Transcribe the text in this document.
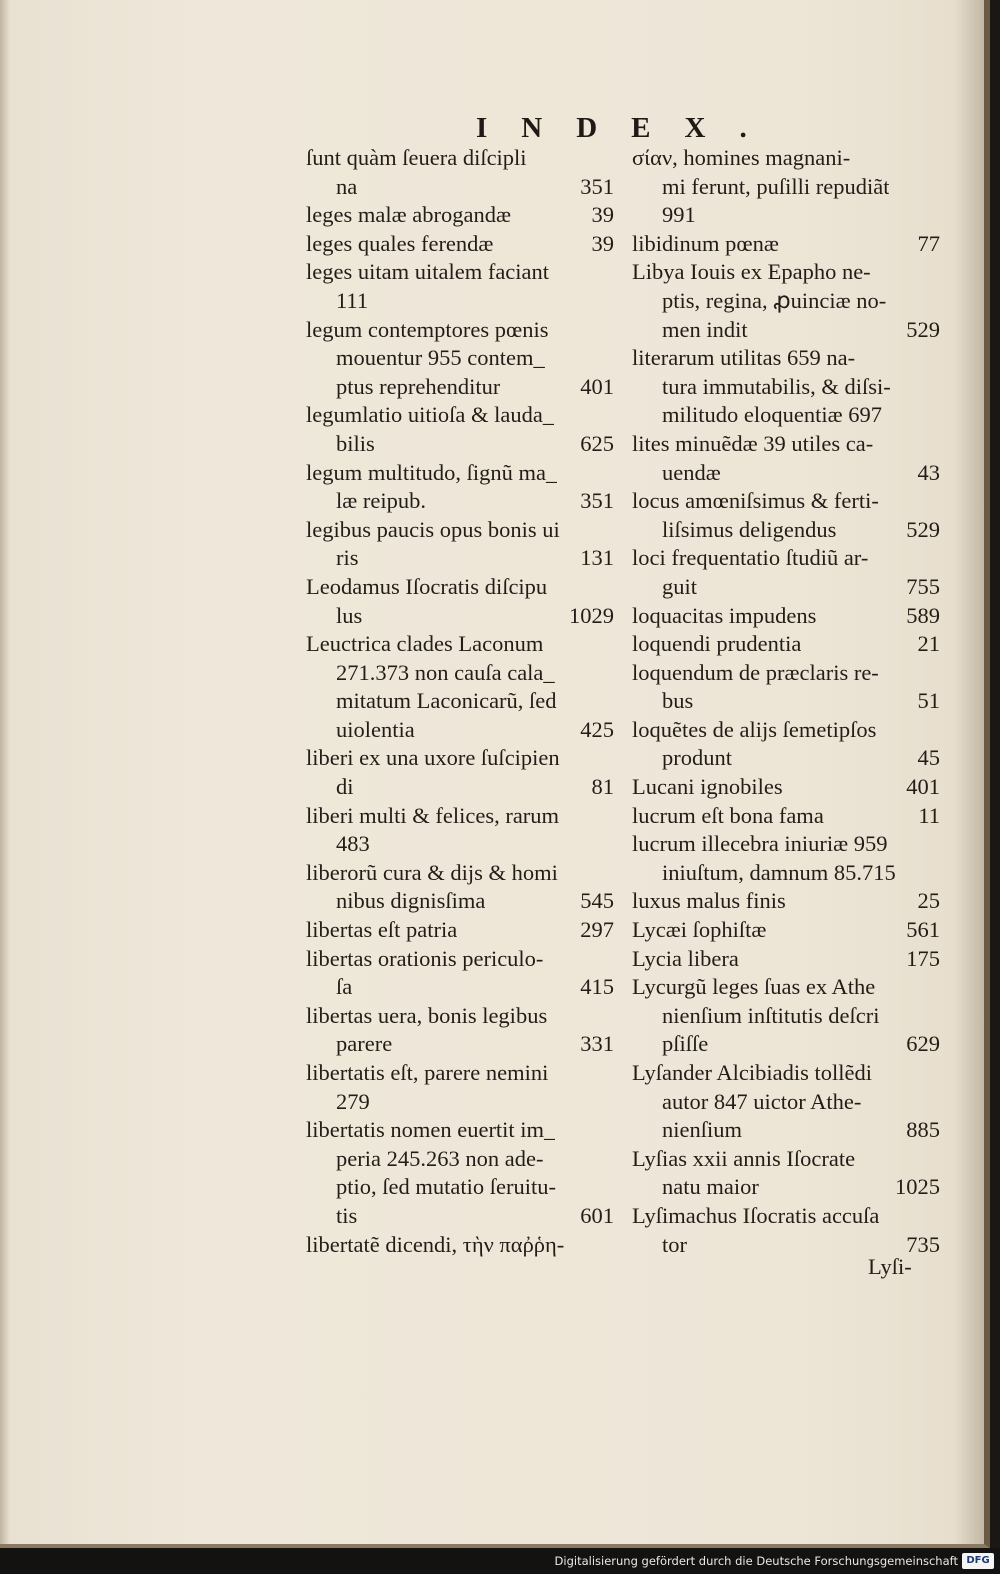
INDEX.
ſunt quàm ſeuera diſcipli
na	351
leges malæ abrogandæ	39
leges quales ferendæ	39
leges uitam uitalem faciant
111
legum contemptores pœnis
mouentur 955 contem_
ptus reprehenditur	401
legumlatio uitioſa & lauda_
bilis	625
legum multitudo, ſignũ ma_
læ reipub.	351
legibus paucis opus bonis ui
ris	131
Leodamus Iſocratis diſcipu
lus	1029
Leuctrica clades Laconum
271.373 non cauſa cala_
mitatum Laconicarũ, ſed
uiolentia	425
liberi ex una uxore ſuſcipien
di	81
liberi multi & felices, rarum
483
liberorũ cura & dijs & homi
nibus dignisſima	545
libertas eſt patria	297
libertas orationis periculo-
ſa	415
libertas uera, bonis legibus
parere	331
libertatis eſt, parere nemini
279
libertatis nomen euertit im_
peria 245.263 non ade-
ptio, ſed mutatio ſeruitu-
tis	601
libertatẽ dicendi, τὴν παῤῥη-
σίαν, homines magnani-
mi ferunt, puſilli repudiãt
991
libidinum pœnæ	77
Libya Iouis ex Epapho ne-
ptis, regina, ꝓuinciæ no-
men indit	529
literarum utilitas 659 na-
tura immutabilis, & diſsi-
militudo eloquentiæ 697
lites minuẽdæ 39 utiles ca-
uendæ	43
locus amœniſsimus & ferti-
liſsimus deligendus	529
loci frequentatio ſtudiũ ar-
guit	755
loquacitas impudens	589
loquendi prudentia	21
loquendum de præclaris re-
bus	51
loquẽtes de alijs ſemetipſos
produnt	45
Lucani ignobiles	401
lucrum eſt bona fama	11
lucrum illecebra iniuriæ 959
iniuſtum, damnum 85.715
luxus malus finis	25
Lycæi ſophiſtæ	561
Lycia libera	175
Lycurgũ leges ſuas ex Athe
nienſium inſtitutis deſcri
pſiſſe	629
Lyſander Alcibiadis tollẽdi
autor 847 uictor Athe-
nienſium	885
Lyſias xxii annis Iſocrate
natu maior	1025
Lyſimachus Iſocratis accuſa
tor	735
Lyſi-
Digitalisierung gefördert durch die Deutsche Forschungsgemeinschaft DFG
